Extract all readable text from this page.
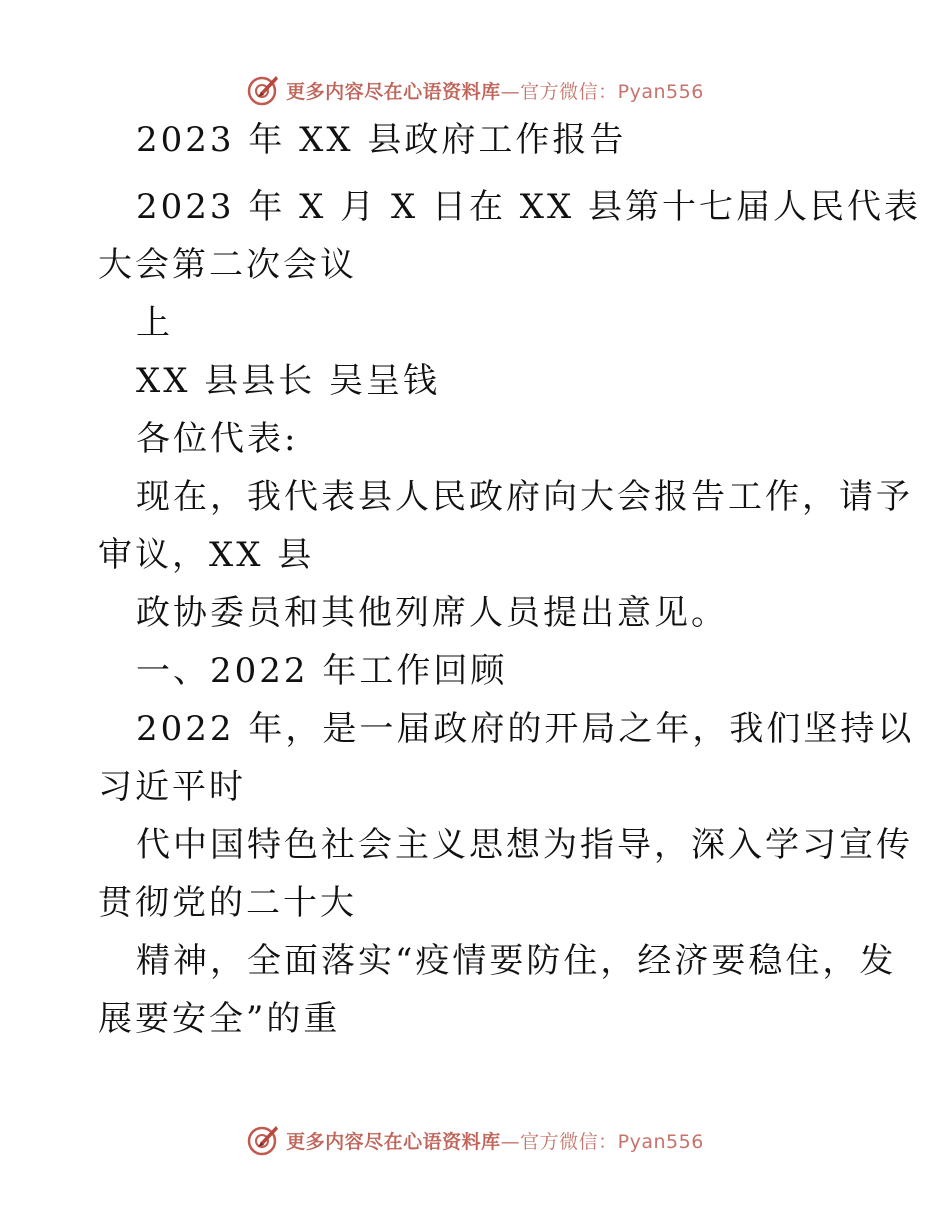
更多内容尽在心语资料库—官方微信：Pyan556
2023 年 XX 县政府工作报告
2023 年 X 月 X 日在 XX 县第十七届人民代表
大会第二次会议
上
XX 县县长 吴呈钱
各位代表:
现在，我代表县人民政府向大会报告工作，请予
审议，XX 县
政协委员和其他列席人员提出意见。
一、2022 年工作回顾
2022 年，是一届政府的开局之年，我们坚持以
习近平时
代中国特色社会主义思想为指导，深入学习宣传
贯彻党的二十大
精神，全面落实“疫情要防住，经济要稳住，发
展要安全”的重
更多内容尽在心语资料库—官方微信：Pyan556
